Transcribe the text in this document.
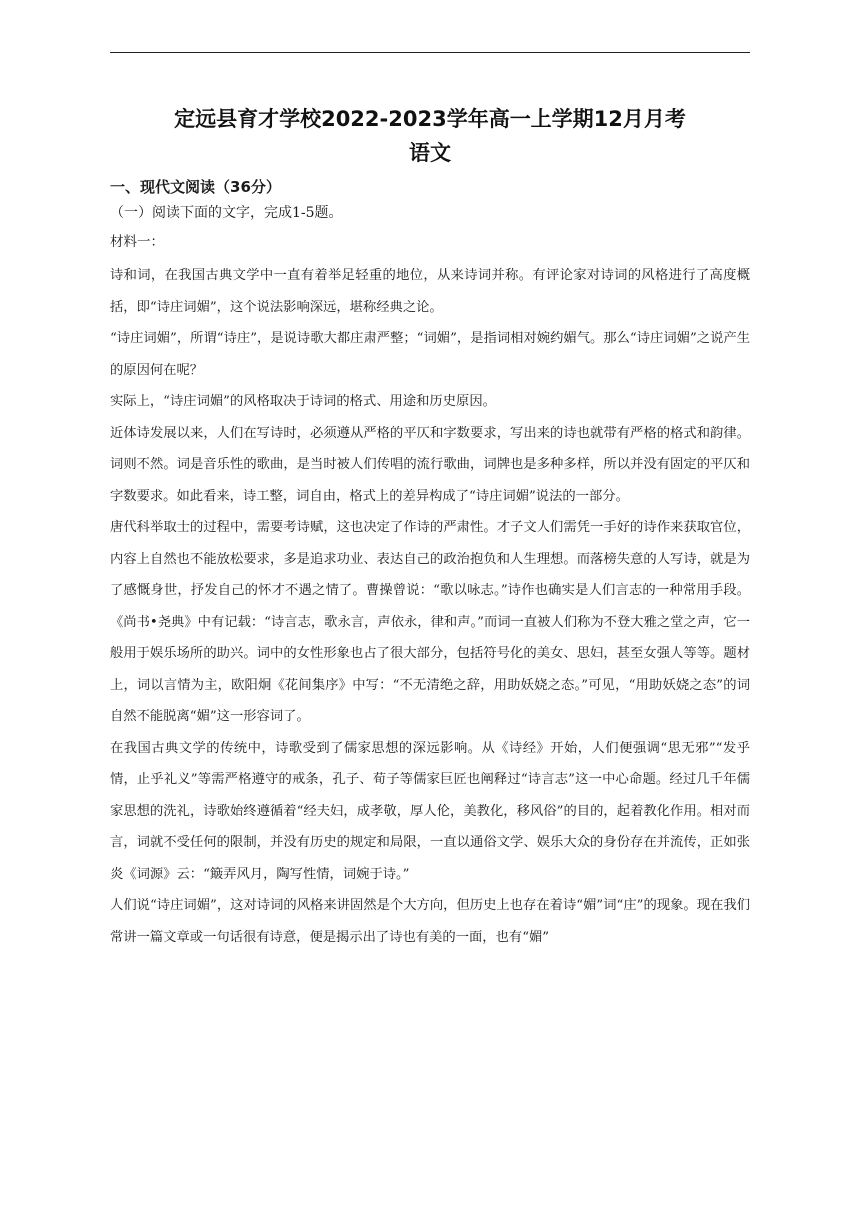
定远县育才学校2022-2023学年高一上学期12月月考
语文

一、现代文阅读（36分）

（一）阅读下面的文字，完成1-5题。

材料一：

诗和词，在我国古典文学中一直有着举足轻重的地位，从来诗词并称。有评论家对诗词的风格进行了高度概括，即“诗庄词媚”，这个说法影响深远，堪称经典之论。

“诗庄词媚”，所谓“诗庄”，是说诗歌大都庄肃严整；“词媚”，是指词相对婉约媚气。那么“诗庄词媚”之说产生的原因何在呢？

实际上，“诗庄词媚”的风格取决于诗词的格式、用途和历史原因。

近体诗发展以来，人们在写诗时，必须遵从严格的平仄和字数要求，写出来的诗也就带有严格的格式和韵律。词则不然。词是音乐性的歌曲，是当时被人们传唱的流行歌曲，词牌也是多种多样，所以并没有固定的平仄和字数要求。如此看来，诗工整，词自由，格式上的差异构成了“诗庄词媚”说法的一部分。

唐代科举取士的过程中，需要考诗赋，这也决定了作诗的严肃性。才子文人们需凭一手好的诗作来获取官位，内容上自然也不能放松要求，多是追求功业、表达自己的政治抱负和人生理想。而落榜失意的人写诗，就是为了感慨身世，抒发自己的怀才不遇之情了。曹操曾说：“歌以咏志。”诗作也确实是人们言志的一种常用手段。《尚书•尧典》中有记载：“诗言志，歌永言，声依永，律和声。”而词一直被人们称为不登大雅之堂之声，它一般用于娱乐场所的助兴。词中的女性形象也占了很大部分，包括符号化的美女、思妇，甚至女强人等等。题材上，词以言情为主，欧阳炯《花间集序》中写：“不无清绝之辞，用助妖娆之态。”可见，“用助妖娆之态”的词自然不能脱离“媚”这一形容词了。

在我国古典文学的传统中，诗歌受到了儒家思想的深远影响。从《诗经》开始，人们便强调“思无邪”“发乎情，止乎礼义”等需严格遵守的戒条，孔子、荀子等儒家巨匠也阐释过“诗言志”这一中心命题。经过几千年儒家思想的洗礼，诗歌始终遵循着“经夫妇，成孝敬，厚人伦，美教化，移风俗”的目的，起着教化作用。相对而言，词就不受任何的限制，并没有历史的规定和局限，一直以通俗文学、娱乐大众的身份存在并流传，正如张炎《词源》云：“簸弄风月，陶写性情，词婉于诗。”

人们说“诗庄词媚”，这对诗词的风格来讲固然是个大方向，但历史上也存在着诗“媚”词“庄”的现象。现在我们常讲一篇文章或一句话很有诗意，便是揭示出了诗也有美的一面，也有“媚”
